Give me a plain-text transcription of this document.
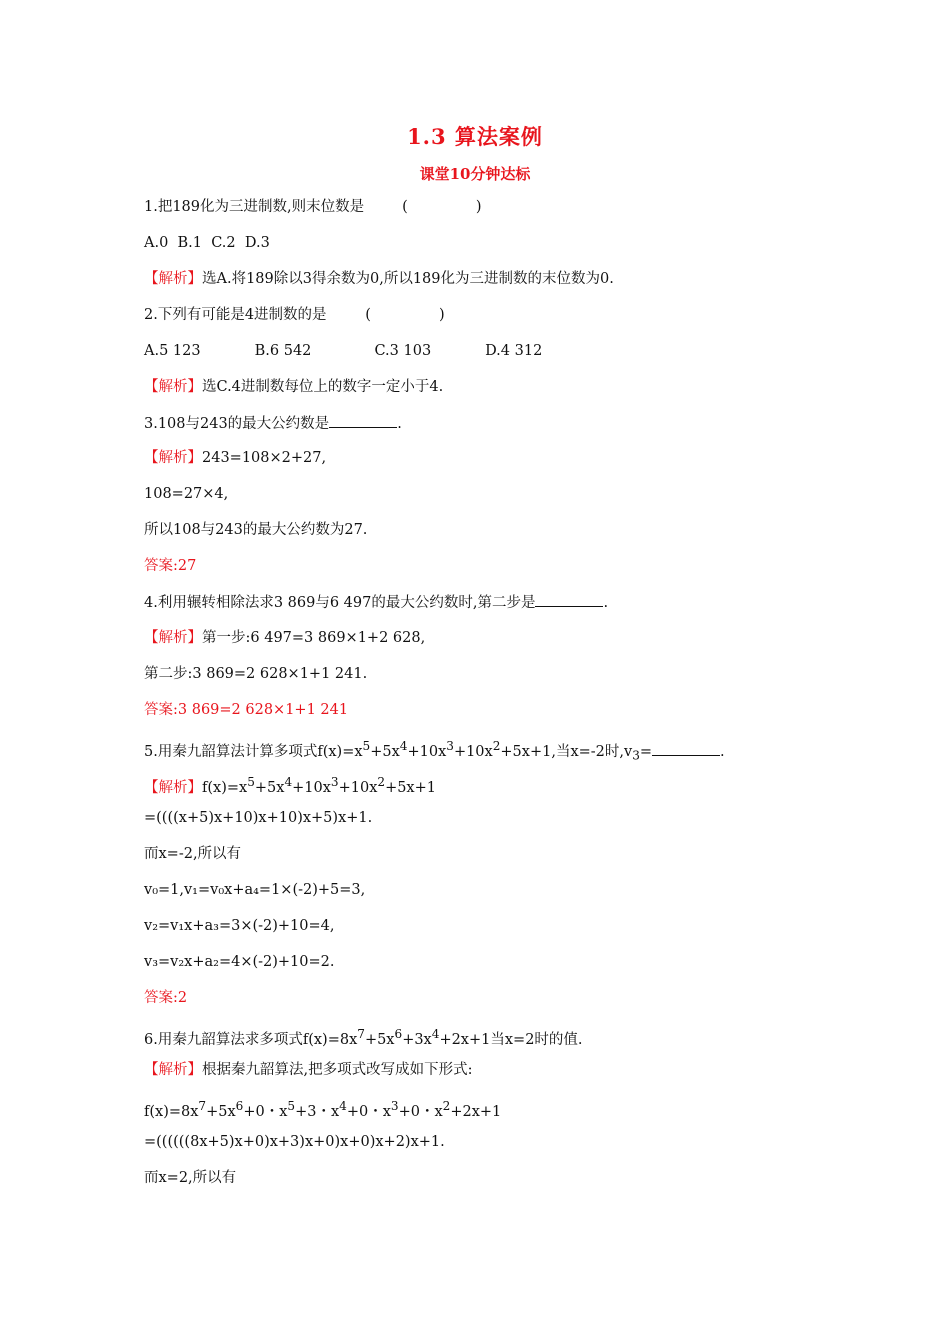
1.3 算法案例
课堂10分钟达标
1.把189化为三进制数,则末位数是	(		)
A.0  B.1  C.2  D.3
【解析】选A.将189除以3得余数为0,所以189化为三进制数的末位数为0.
2.下列有可能是4进制数的是	(		)
A.5 123		B.6 542		C.3 103		D.4 312
【解析】选C.4进制数每位上的数字一定小于4.
3.108与243的最大公约数是	.
【解析】243=108×2+27,
108=27×4,
所以108与243的最大公约数为27.
答案:27
4.利用辗转相除法求3 869与6 497的最大公约数时,第二步是	.
【解析】第一步:6 497=3 869×1+2 628,
第二步:3 869=2 628×1+1 241.
答案:3 869=2 628×1+1 241
5.用秦九韶算法计算多项式$f(x)=x^5+5x^4+10x^3+10x^2+5x+1$,当x=-2时$,v_3=$	.
【解析】$f(x)=x^5+5x^4+10x^3+10x^2+5x+1$
=((((x+5)x+10)x+10)x+5)x+1.
而x=-2,所以有
v₀=1,v₁=v₀x+a₄=1×(-2)+5=3,
v₂=v₁x+a₃=3×(-2)+10=4,
v₃=v₂x+a₂=4×(-2)+10=2.
答案:2
6.用秦九韶算法求多项式$f(x)=8x^7+5x^6+3x^4+2x+1$当x=2时的值.
【解析】根据秦九韶算法,把多项式改写成如下形式:
$f(x)=8x^7+5x^6+0$・$x^5+3$・$x^4+0$・$x^3+0$・$x^2+2x+1$
=((((((8x+5)x+0)x+3)x+0)x+0)x+2)x+1.
而x=2,所以有
